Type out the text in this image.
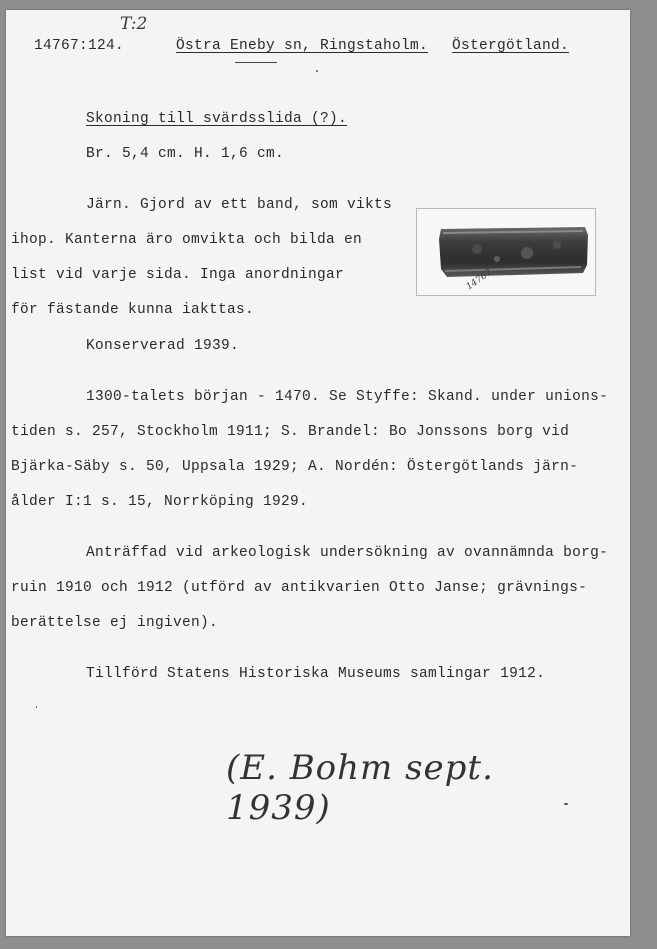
T:2
14767:124.	Östra Eneby sn, Ringstaholm. Östergötland.
Skoning till svärdsslida (?).
Br. 5,4 cm. H. 1,6 cm.
Järn. Gjord av ett band, som vikts
ihop. Kanterna äro omvikta och bilda en
list vid varje sida. Inga anordningar
för fästande kunna iakttas.
14767
Konserverad 1939.
1300-talets början - 1470. Se Styffe: Skand. under unions-
tiden s. 257, Stockholm 1911; S. Brandel: Bo Jonssons borg vid
Bjärka-Säby s. 50, Uppsala 1929; A. Nordén: Östergötlands järn-
ålder I:1 s. 15, Norrköping 1929.
Anträffad vid arkeologisk undersökning av ovannämnda borg-
ruin 1910 och 1912 (utförd av antikvarien Otto Janse; grävnings-
berättelse ej ingiven).
Tillförd Statens Historiska Museums samlingar 1912.
(E. Bohm sept. 1939)
